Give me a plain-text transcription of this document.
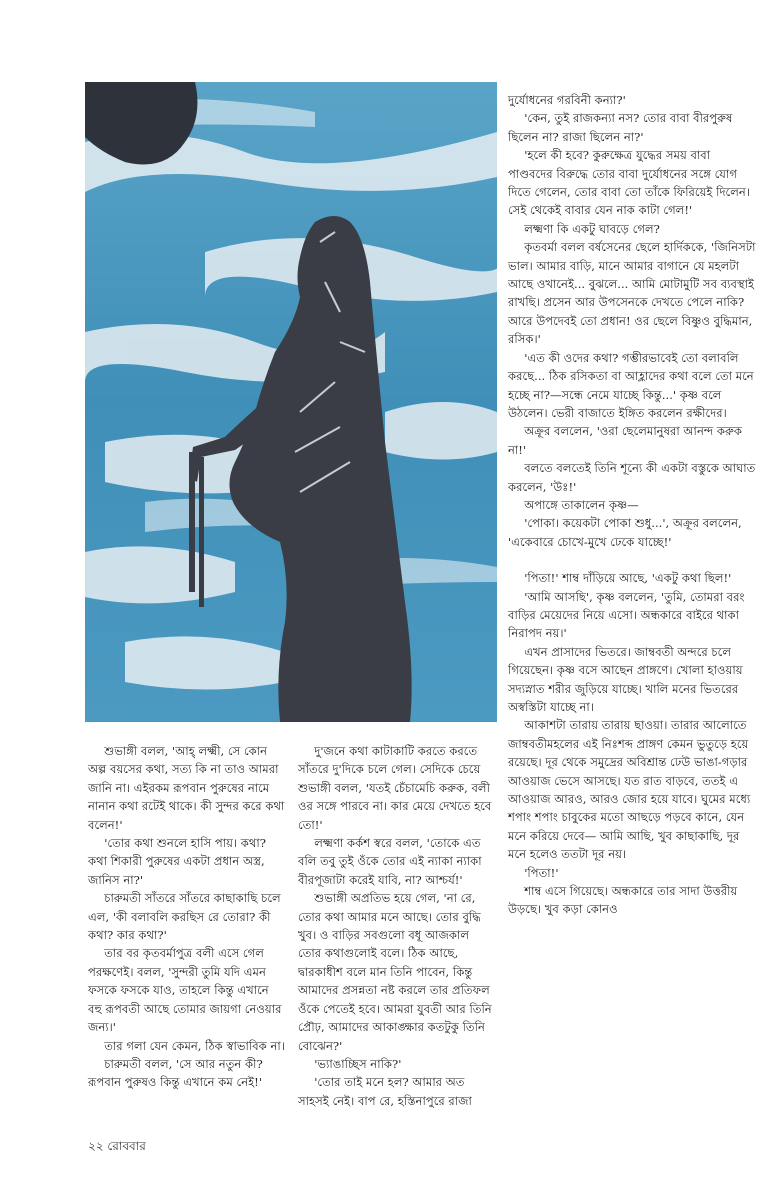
শুভাঙ্গী বলল, 'আহ্ লক্ষ্মী, সে কোন অল্প বয়সের কথা, সত্য কি না তাও আমরা জানি না। এইরকম রূপবান পুরুষের নামে নানান কথা রটেই থাকে। কী সুন্দর করে কথা বলেন!'

'তোর কথা শুনলে হাসি পায়। কথা? কথা শিকারী পুরুষের একটা প্রধান অস্ত্র, জানিস না?'

চারুমতী সাঁতরে সাঁতরে কাছাকাছি চলে এল, 'কী বলাবলি করছিস রে তোরা? কী কথা? কার কথা?'

তার বর কৃতবর্মাপুত্র বলী এসে গেল পরক্ষণেই। বলল, 'সুন্দরী তুমি যদি এমন ফসকে ফসকে যাও, তাহলে কিন্তু এখানে বহু রূপবতী আছে তোমার জায়গা নেওয়ার জন্য।'

তার গলা যেন কেমন, ঠিক স্বাভাবিক না।

চারুমতী বলল, 'সে আর নতুন কী? রূপবান পুরুষও কিন্তু এখানে কম নেই!'

দু'জনে কথা কাটাকাটি করতে করতে সাঁতরে দু'দিকে চলে গেল। সেদিকে চেয়ে শুভাঙ্গী বলল, 'যতই চেঁচামেচি করুক, বলী ওর সঙ্গে পারবে না। কার মেয়ে দেখতে হবে তো!'

লক্ষ্মণা কর্কশ স্বরে বলল, 'তোকে এত বলি তবু তুই ওঁকে তোর এই ন্যাকা ন্যাকা বীরপূজাটা করেই যাবি, না? আশ্চর্য!'

শুভাঙ্গী অপ্রতিভ হয়ে গেল, 'না রে, তোর কথা আমার মনে আছে। তোর বুদ্ধি খুব। ও বাড়ির সবগুলো বধূ আজকাল তোর কথাগুলোই বলে। ঠিক আছে, দ্বারকাধীশ বলে মান তিনি পাবেন, কিন্তু আমাদের প্রসন্নতা নষ্ট করলে তার প্রতিফল ওঁকে পেতেই হবে। আমরা যুবতী আর তিনি প্রৌঢ়, আমাদের আকাঙ্ক্ষার কতটুকু তিনি বোঝেন?'

'ভ্যাঙাচ্ছিস নাকি?'

'তোর তাই মনে হল? আমার অত সাহসই নেই। বাপ রে, হস্তিনাপুরে রাজা

দুর্যোধনের গরবিনী কন্যা?'

'কেন, তুই রাজকন্যা নস? তোর বাবা বীরপুরুষ ছিলেন না? রাজা ছিলেন না?'

'হলে কী হবে? কুরুক্ষেত্র যুদ্ধের সময় বাবা পাণ্ডবদের বিরুদ্ধে তোর বাবা দুর্যোধনের সঙ্গে যোগ দিতে গেলেন, তোর বাবা তো তাঁকে ফিরিয়েই দিলেন। সেই থেকেই বাবার যেন নাক কাটা গেল!'

লক্ষ্মণা কি একটু ঘাবড়ে গেল?

কৃতবর্মা বলল বর্ষসেনের ছেলে হার্দিককে, 'জিনিসটা ভাল। আমার বাড়ি, মানে আমার বাগানে যে মহলটা আছে ওখানেই... বুঝলে... আমি মোটামুটি সব ব্যবস্থাই রাখছি। প্রসেন আর উপসেনকে দেখতে পেলে নাকি? আরে উপদেবই তো প্রধান! ওর ছেলে বিষ্ণুও বুদ্ধিমান, রসিক।'

'এত কী ওদের কথা? গম্ভীরভাবেই তো বলাবলি করছে... ঠিক রসিকতা বা আহ্লাদের কথা বলে তো মনে হচ্ছে না?—সন্ধে নেমে যাচ্ছে কিন্তু...' কৃষ্ণ বলে উঠলেন। ভেরী বাজাতে ইঙ্গিত করলেন রক্ষীদের।

অক্রূর বললেন, 'ওরা ছেলেমানুষরা আনন্দ করুক না!'

বলতে বলতেই তিনি শূন্যে কী একটা বস্তুকে আঘাত করলেন, 'উঃ!'

অপাঙ্গে তাকালেন কৃষ্ণ—

'পোকা। কয়েকটা পোকা শুধু...', অক্রূর বললেন, 'একেবারে চোখে-মুখে ঢেকে যাচ্ছে!'

'পিতা!' শাম্ব দাঁড়িয়ে আছে, 'একটু কথা ছিল!'

'আমি আসছি', কৃষ্ণ বললেন, 'তুমি, তোমরা বরং বাড়ির মেয়েদের নিয়ে এসো। অন্ধকারে বাইরে থাকা নিরাপদ নয়।'

এখন প্রাসাদের ভিতরে। জাম্ববতী অন্দরে চলে গিয়েছেন। কৃষ্ণ বসে আছেন প্রাঙ্গণে। খোলা হাওয়ায় সদ্যস্নাত শরীর জুড়িয়ে যাচ্ছে। খালি মনের ভিতরের অস্বস্তিটা যাচ্ছে না।

আকাশটা তারায় তারায় ছাওয়া। তারার আলোতে জাম্ববতীমহলের এই নিঃশব্দ প্রাঙ্গণ কেমন ভুতুড়ে হয়ে রয়েছে। দূর থেকে সমুদ্রের অবিশ্রান্ত ঢেউ ভাঙা-গড়ার আওয়াজ ভেসে আসছে। যত রাত বাড়বে, ততই এ আওয়াজ আরও, আরও জোর হয়ে যাবে। ঘুমের মধ্যে শপাং শপাং চাবুকের মতো আছড়ে পড়বে কানে, যেন মনে করিয়ে দেবে— আমি আছি, খুব কাছাকাছি, দূর মনে হলেও ততটা দূর নয়।

'পিতা!'

শাম্ব এসে গিয়েছে। অন্ধকারে তার সাদা উত্তরীয় উড়ছে। খুব কড়া কোনও

২২ রোববার
